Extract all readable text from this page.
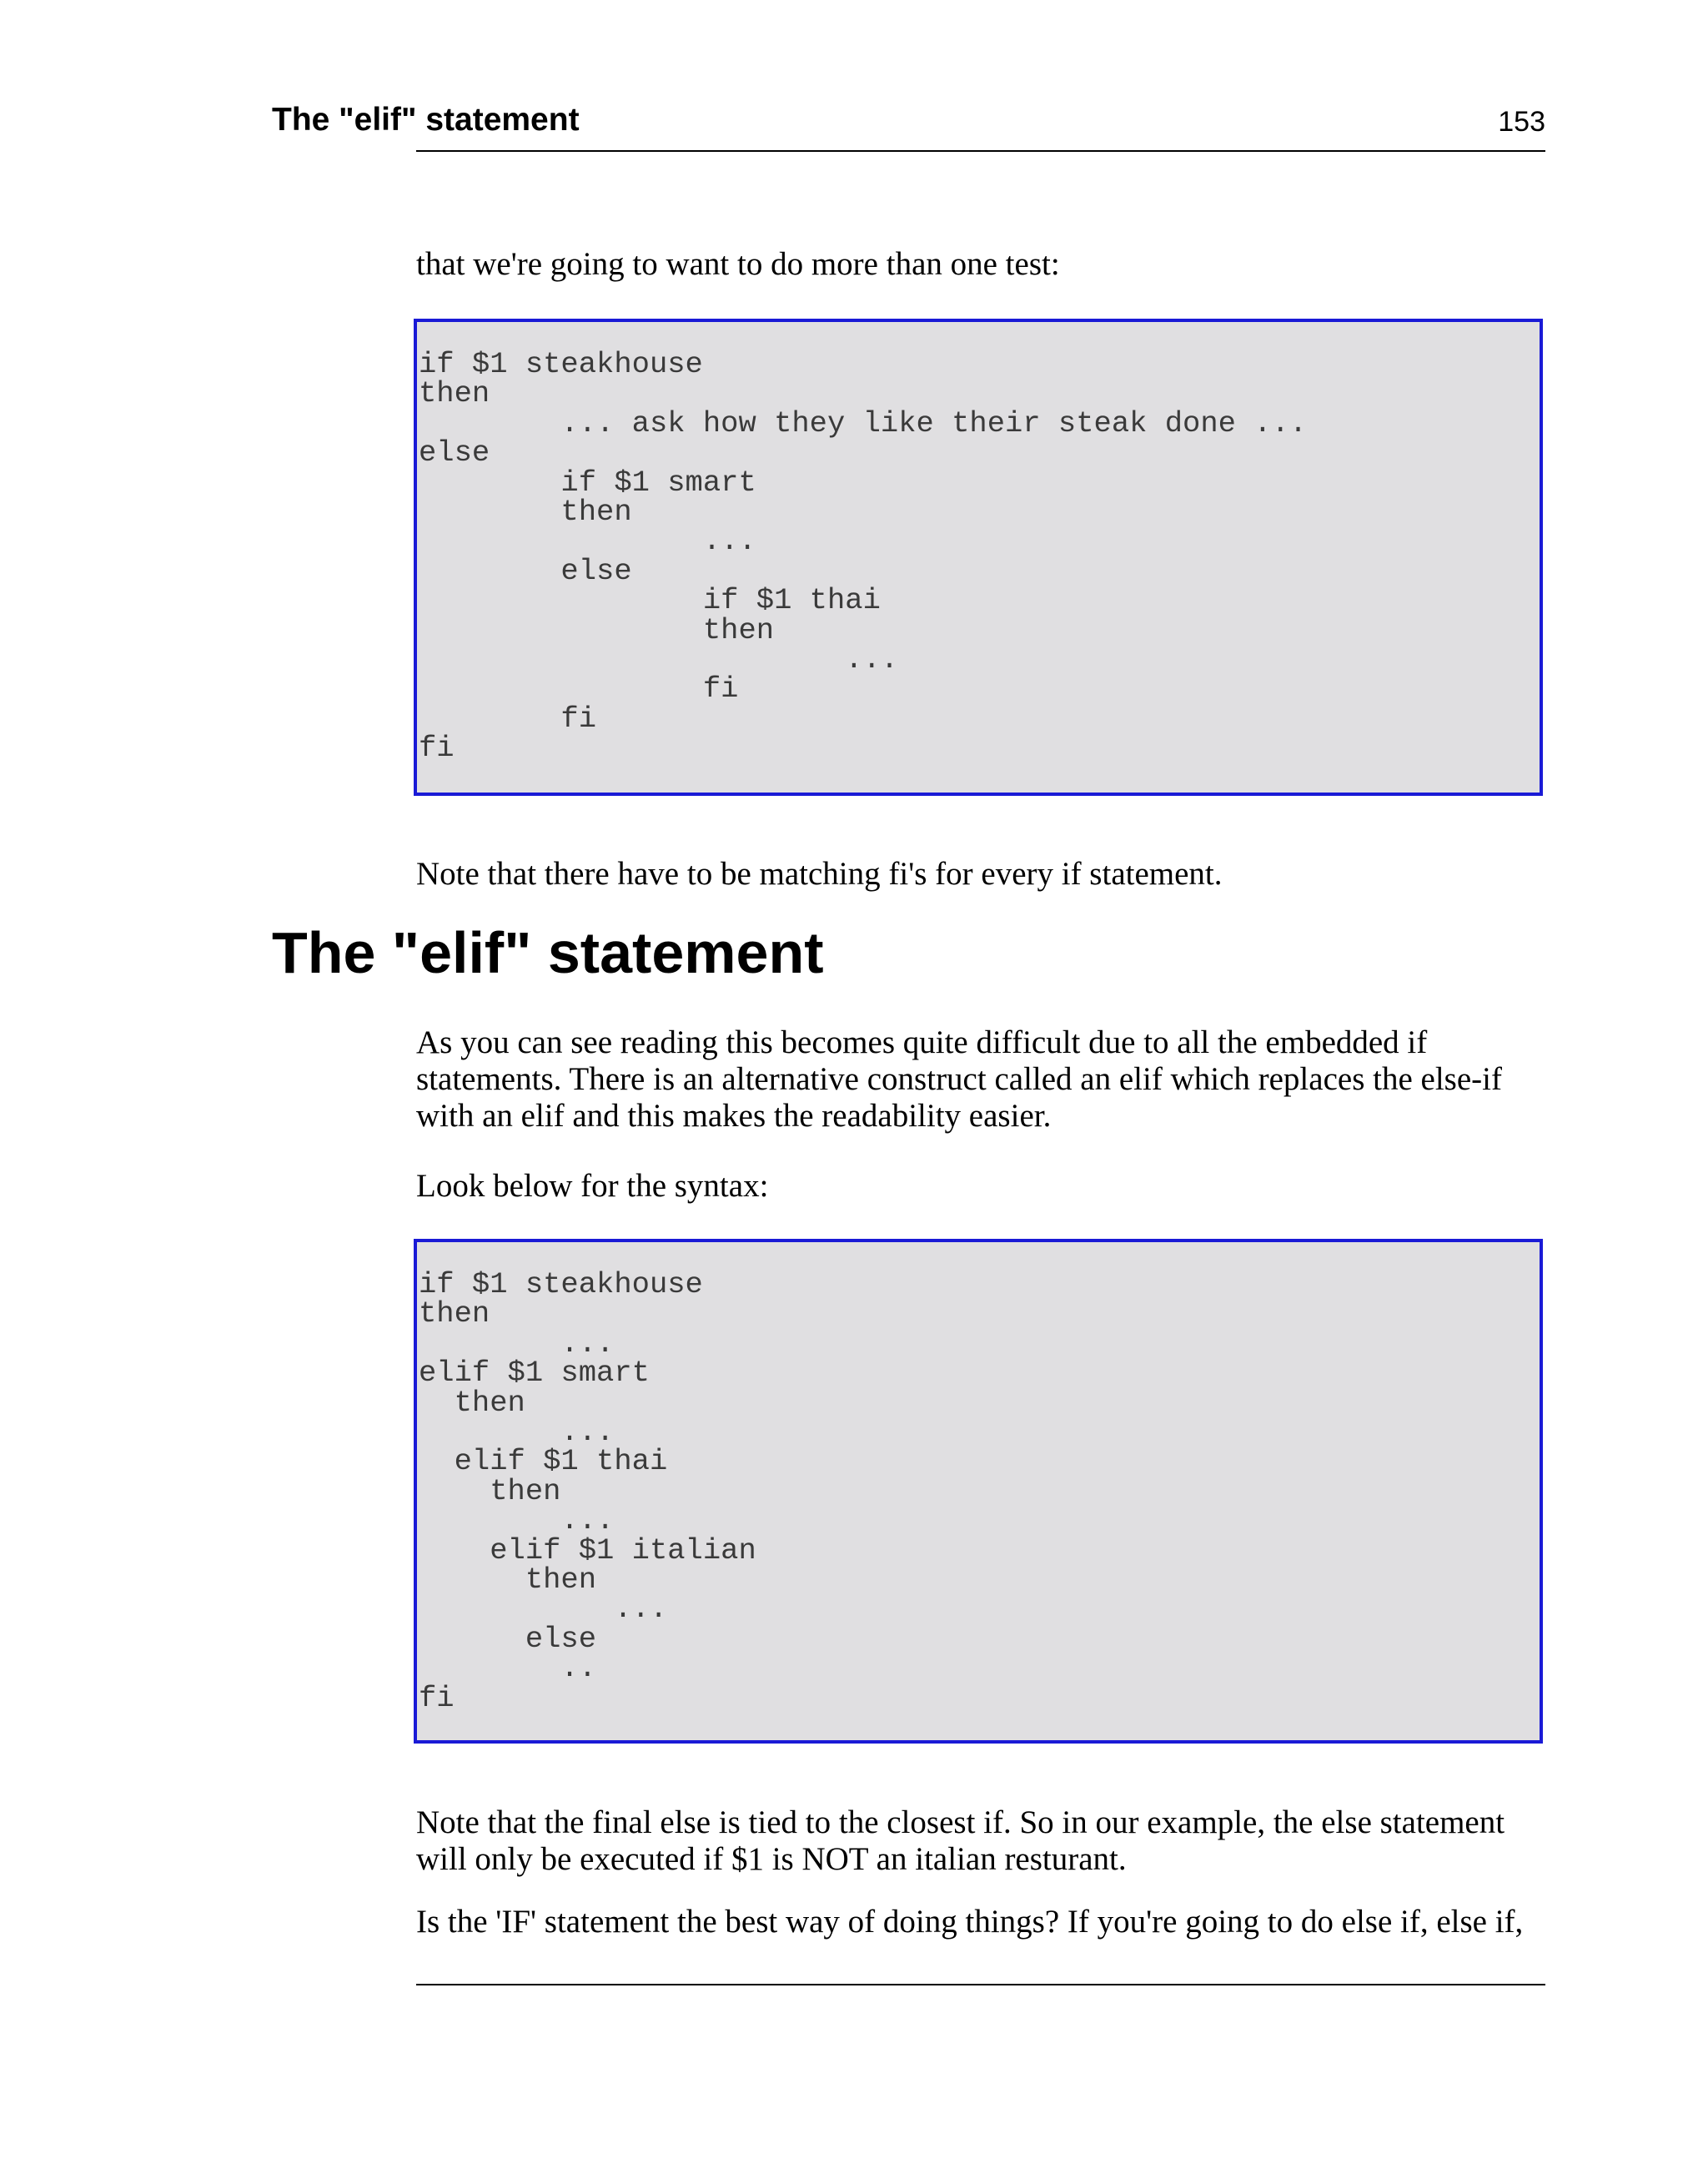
The "elif" statement	153

that we're going to want to do more than one test:

if $1 steakhouse
then
... ask how they like their steak done ...
else
if $1 smart
then
...
else
if $1 thai
then
...
fi
fi
fi

Note that there have to be matching fi's for every if statement.

The "elif" statement

As you can see reading this becomes quite difficult due to all the embedded if statements. There is an alternative construct called an elif which replaces the else-if with an elif and this makes the readability easier.

Look below for the syntax:

if $1 steakhouse
then
...
elif $1 smart
then
...
elif $1 thai
then
...
elif $1 italian
then
...
else
..
fi

Note that the final else is tied to the closest if. So in our example, the else statement will only be executed if $1 is NOT an italian resturant.

Is the 'IF' statement the best way of doing things? If you're going to do else if, else if,
